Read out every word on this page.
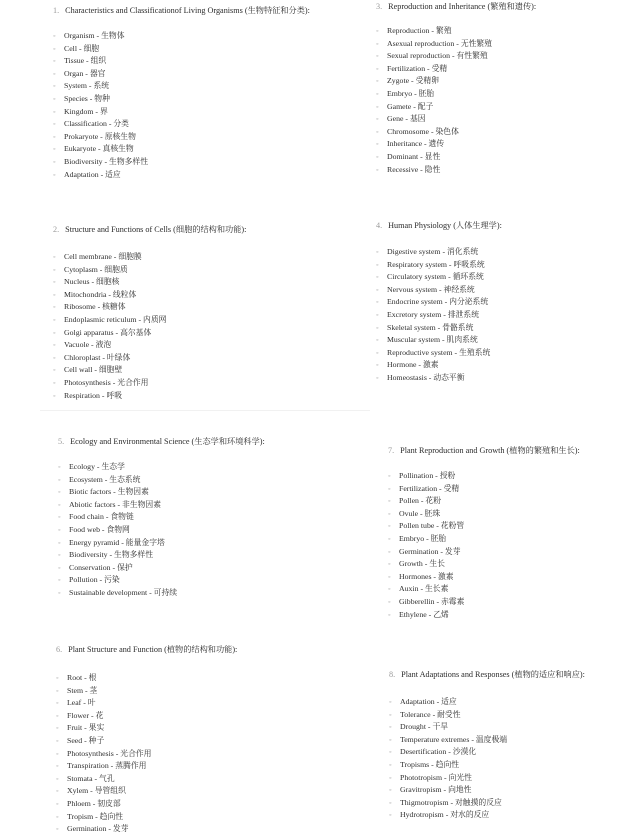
1. Characteristics and Classificationof Living Organisms (生物特征和分类):
◦ Organism - 生物体
◦ Cell - 细胞
◦ Tissue - 组织
◦ Organ - 器官
◦ System - 系统
◦ Species - 物种
◦ Kingdom - 界
◦ Classification - 分类
◦ Prokaryote - 原核生物
◦ Eukaryote - 真核生物
◦ Biodiversity - 生物多样性
◦ Adaptation - 适应
2. Structure and Functions of Cells (细胞的结构和功能):
◦ Cell membrane - 细胞膜
◦ Cytoplasm - 细胞质
◦ Nucleus - 细胞核
◦ Mitochondria - 线粒体
◦ Ribosome - 核糖体
◦ Endoplasmic reticulum - 内质网
◦ Golgi apparatus - 高尔基体
◦ Vacuole - 液泡
◦ Chloroplast - 叶绿体
◦ Cell wall - 细胞壁
◦ Photosynthesis - 光合作用
◦ Respiration - 呼吸
3. Reproduction and Inheritance (繁殖和遗传):
◦ Reproduction - 繁殖
◦ Asexual reproduction - 无性繁殖
◦ Sexual reproduction - 有性繁殖
◦ Fertilization - 受精
◦ Zygote - 受精卵
◦ Embryo - 胚胎
◦ Gamete - 配子
◦ Gene - 基因
◦ Chromosome - 染色体
◦ Inheritance - 遗传
◦ Dominant - 显性
◦ Recessive - 隐性
4. Human Physiology (人体生理学):
◦ Digestive system - 消化系统
◦ Respiratory system - 呼吸系统
◦ Circulatory system - 循环系统
◦ Nervous system - 神经系统
◦ Endocrine system - 内分泌系统
◦ Excretory system - 排泄系统
◦ Skeletal system - 骨骼系统
◦ Muscular system - 肌肉系统
◦ Reproductive system - 生殖系统
◦ Hormone - 激素
◦ Homeostasis - 动态平衡
5. Ecology and Environmental Science (生态学和环境科学):
◦ Ecology - 生态学
◦ Ecosystem - 生态系统
◦ Biotic factors - 生物因素
◦ Abiotic factors - 非生物因素
◦ Food chain - 食物链
◦ Food web - 食物网
◦ Energy pyramid - 能量金字塔
◦ Biodiversity - 生物多样性
◦ Conservation - 保护
◦ Pollution - 污染
◦ Sustainable development - 可持续
6. Plant Structure and Function (植物的结构和功能):
◦ Root - 根
◦ Stem - 茎
◦ Leaf - 叶
◦ Flower - 花
◦ Fruit - 果实
◦ Seed - 种子
◦ Photosynthesis - 光合作用
◦ Transpiration - 蒸腾作用
◦ Stomata - 气孔
◦ Xylem - 导管组织
◦ Phloem - 韧皮部
◦ Tropism - 趋向性
◦ Germination - 发芽
7. Plant Reproduction and Growth (植物的繁殖和生长):
◦ Pollination - 授粉
◦ Fertilization - 受精
◦ Pollen - 花粉
◦ Ovule - 胚珠
◦ Pollen tube - 花粉管
◦ Embryo - 胚胎
◦ Germination - 发芽
◦ Growth - 生长
◦ Hormones - 激素
◦ Auxin - 生长素
◦ Gibberellin - 赤霉素
◦ Ethylene - 乙烯
8. Plant Adaptations and Responses (植物的适应和响应):
◦ Adaptation - 适应
◦ Tolerance - 耐受性
◦ Drought - 干旱
◦ Temperature extremes - 温度极端
◦ Desertification - 沙漠化
◦ Tropisms - 趋向性
◦ Phototropism - 向光性
◦ Gravitropism - 向地性
◦ Thigmotropism - 对触摸的反应
◦ Hydrotropism - 对水的反应
